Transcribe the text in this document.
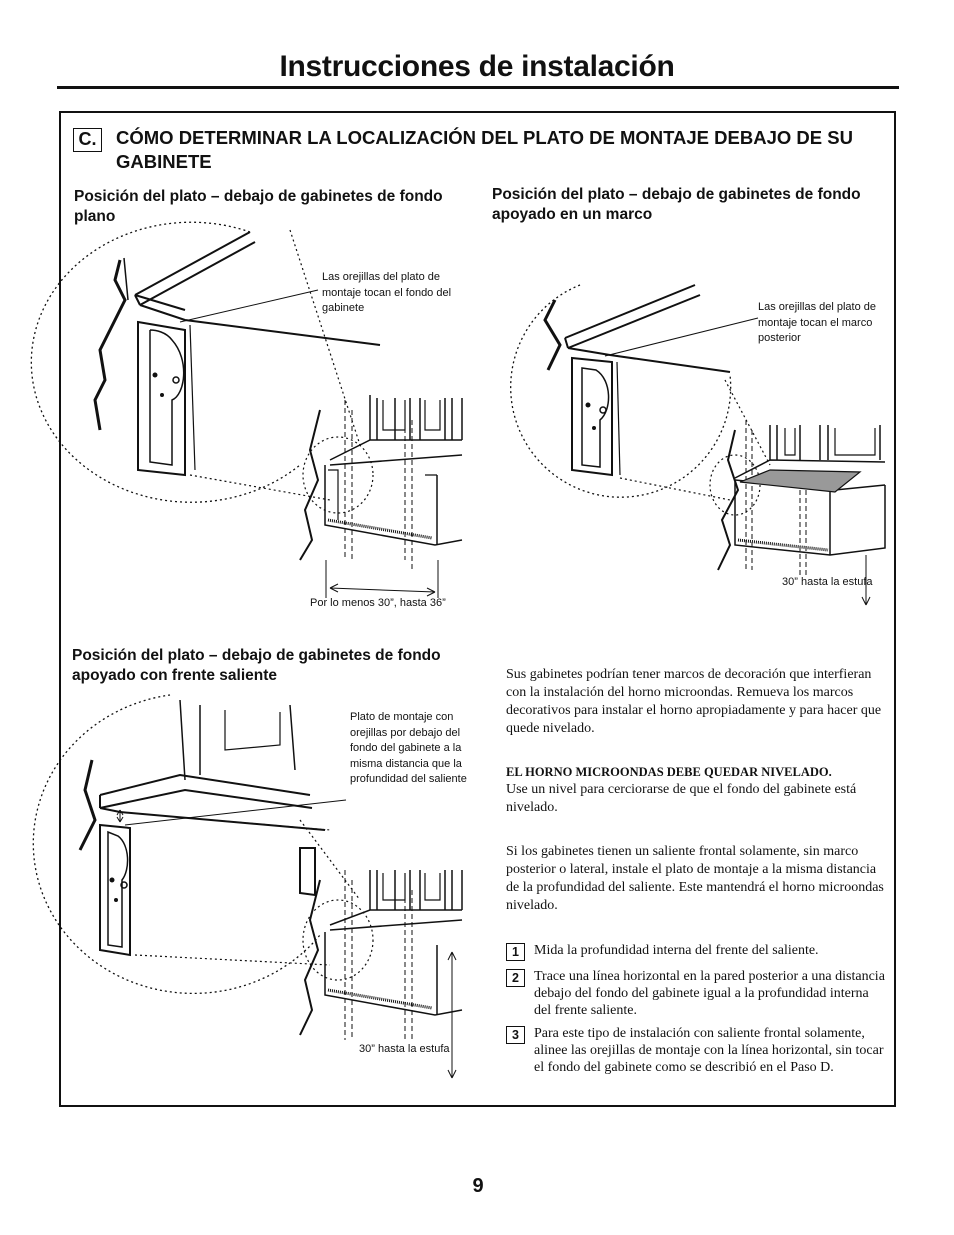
Instrucciones de instalación
C. CÓMO DETERMINAR LA LOCALIZACIÓN DEL PLATO DE MONTAJE DEBAJO DE SU GABINETE
Posición del plato – debajo de gabinetes de fondo plano
Posición del plato – debajo de gabinetes de fondo apoyado en un marco
Posición del plato – debajo de gabinetes de fondo apoyado con frente saliente
Las orejillas del plato de montaje tocan el fondo del gabinete
Por lo menos 30”, hasta 36”
Las orejillas del plato de montaje tocan el marco posterior
30” hasta la estufa
Plato de montaje con orejillas por debajo del fondo del gabinete a la misma distancia que la profundidad del saliente
30” hasta la estufa
Sus gabinetes podrían tener marcos de decoración que interfieran con la instalación del horno microondas. Remueva los marcos decorativos para instalar el horno apropiadamente y para hacer que quede nivelado.
EL HORNO MICROONDAS DEBE QUEDAR NIVELADO.
Use un nivel para cerciorarse de que el fondo del gabinete está nivelado.
Si los gabinetes tienen un saliente frontal solamente, sin marco posterior o lateral, instale el plato de montaje a la misma distancia de la profundidad del saliente. Este mantendrá el horno microondas nivelado.
1	Mida la profundidad interna del frente del saliente.
2	Trace una línea horizontal en la pared posterior a una distancia debajo del fondo del gabinete igual a la profundidad interna del frente saliente.
3	Para este tipo de instalación con saliente frontal solamente, alinee las orejillas de montaje con la línea horizontal, sin tocar el fondo del gabinete como se describió en el Paso D.
9
